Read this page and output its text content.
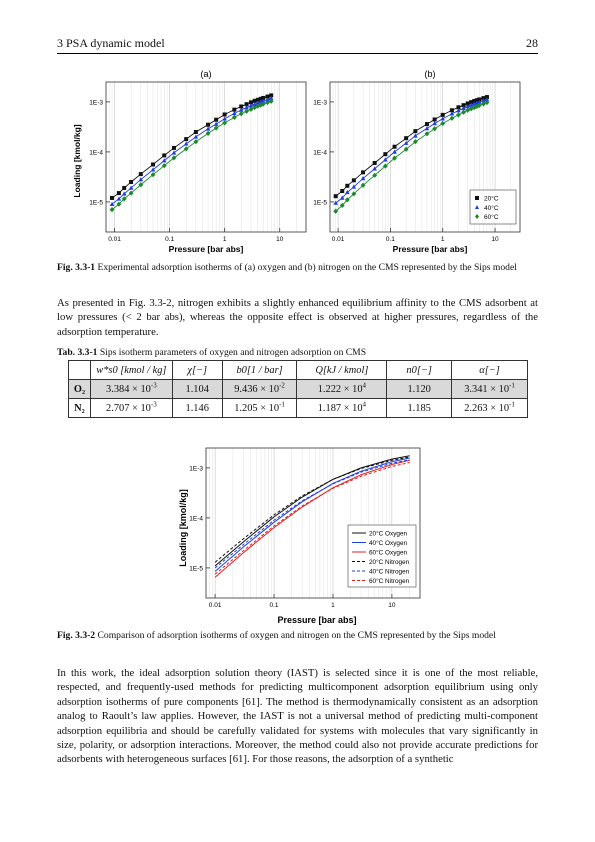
3 PSA dynamic model	28
(a)	(b)
Loading [kmol/kg]
Pressure [bar abs]	Pressure [bar abs]
1E-3
1E-4
1E-5
0.01	0.1	1	10
1E-3
1E-4
1E-5
0.01	0.1	1	10
20°C
40°C
60°C
Fig. 3.3-1 Experimental adsorption isotherms of (a) oxygen and (b) nitrogen on the CMS represented by the Sips model
As presented in Fig. 3.3-2, nitrogen exhibits a slightly enhanced equilibrium affinity to the CMS adsorbent at low pressures (< 2 bar abs), whereas the opposite effect is observed at higher pressures, regardless of the adsorption temperature.
Tab. 3.3-1 Sips isotherm parameters of oxygen and nitrogen adsorption on CMS
	w*s0 [kmol / kg]	χ[−]	b0[1 / bar]	Q[kJ / kmol]	n0[−]	α[−]
O₂	$3.384 \times 10^{-3}$	1.104	$9.436 \times 10^{-2}$	$1.222 \times 10^4$	1.120	$3.341 \times 10^{-1}$
N₂	$2.707 \times 10^{-3}$	1.146	$1.205 \times 10^{-1}$	$1.187 \times 10^4$	1.185	$2.263 \times 10^{-1}$
Loading [kmol/kg]
Pressure [bar abs]
1E-3
1E-4
1E-5
0.01	0.1	1	10
20°C Oxygen
40°C Oxygen
60°C Oxygen
20°C Nitrogen
40°C Nitrogen
60°C Nitrogen
Fig. 3.3-2 Comparison of adsorption isotherms of oxygen and nitrogen on the CMS represented by the Sips model
In this work, the ideal adsorption solution theory (IAST) is selected since it is one of the most reliable, respected, and frequently-used methods for predicting multicomponent adsorption equilibrium using only adsorption isotherms of pure components [61]. The method is thermodynamically consistent as an adsorption analog to Raoult’s law applies. However, the IAST is not a universal method of predicting multi-component adsorption equilibria and should be carefully validated for systems with molecules that vary significantly in size, polarity, or adsorption interactions. Moreover, the method could also not provide accurate predictions for adsorbents with heterogeneous surfaces [61]. For those reasons, the adsorption of a synthetic
